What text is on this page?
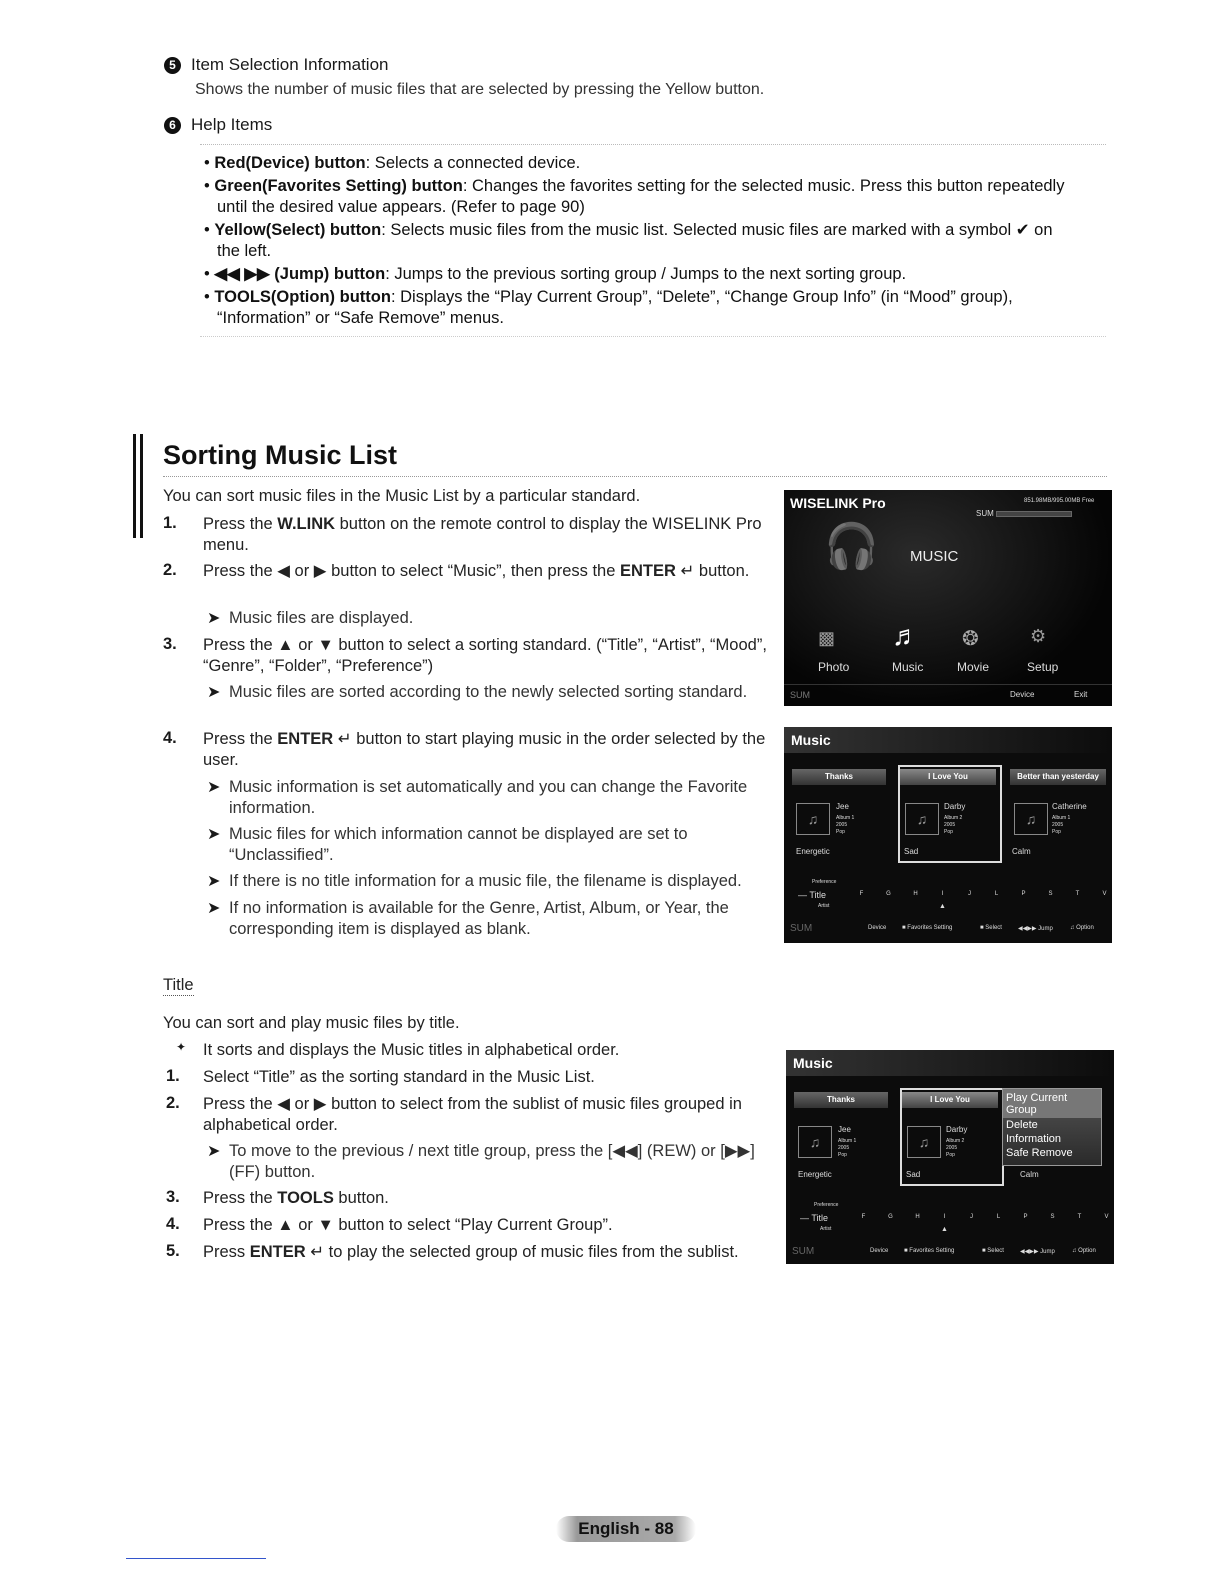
5 Item Selection Information
Shows the number of music files that are selected by pressing the Yellow button.
6 Help Items
• Red(Device) button: Selects a connected device.
• Green(Favorites Setting) button: Changes the favorites setting for the selected music. Press this button repeatedly until the desired value appears. (Refer to page 90)
• Yellow(Select) button: Selects music files from the music list. Selected music files are marked with a symbol ✔ on the left.
• ◀◀ ▶▶ (Jump) button: Jumps to the previous sorting group / Jumps to the next sorting group.
• TOOLS(Option) button: Displays the “Play Current Group”, “Delete”, “Change Group Info” (in “Mood” group), “Information” or “Safe Remove” menus.
Sorting Music List
You can sort music files in the Music List by a particular standard.
1. Press the W.LINK button on the remote control to display the WISELINK Pro menu.
2. Press the ◀ or ▶ button to select “Music”, then press the ENTER ↵ button.
➤ Music files are displayed.
3. Press the ▲ or ▼ button to select a sorting standard. (“Title”, “Artist”, “Mood”, “Genre”, “Folder”, “Preference”)
➤ Music files are sorted according to the newly selected sorting standard.
4. Press the ENTER ↵ button to start playing music in the order selected by the user.
➤ Music information is set automatically and you can change the Favorite information.
➤ Music files for which information cannot be displayed are set to “Unclassified”.
➤ If there is no title information for a music file, the filename is displayed.
➤ If no information is available for the Genre, Artist, Album, or Year, the corresponding item is displayed as blank.
Title
You can sort and play music files by title.
✦ It sorts and displays the Music titles in alphabetical order.
1. Select “Title” as the sorting standard in the Music List.
2. Press the ◀ or ▶ button to select from the sublist of music files grouped in alphabetical order.
➤ To move to the previous / next title group, press the [◀◀] (REW) or [▶▶] (FF) button.
3. Press the TOOLS button.
4. Press the ▲ or ▼ button to select “Play Current Group”.
5. Press ENTER ↵ to play the selected group of music files from the sublist.
WISELINK Pro	851.98MB/995.00MB Free
SUM
🎧 MUSIC
▩ ♬ ❂	⚙
Photo	Music	Movie	Setup
SUM	Device	Exit
Music
Thanks	I Love You	Better than yesterday
♫	♫	♫
Jee	Darby	Catherine
Album 1	Album 2	Album 1
2005	2005	2005
Pop	Pop	Pop
Energetic	Sad	Calm
Preference
— Title
Artist
F	G	H	I	J	L	P	S	T	V
▲
SUM	Device	■ Favorites Setting	■ Select	◀◀▶▶ Jump	♫ Option
Music
Thanks	I Love You
♫	♫
Jee	Darby
Album 1	Album 2
2005	2005
Pop	Pop
Energetic	Sad	Calm
Play Current Group
Delete
Information
Safe Remove
Preference
— Title
Artist
F	G	H	I	J	L	P	S	T	V
▲
SUM	Device	■ Favorites Setting	■ Select	◀◀▶▶ Jump	♫ Option
English - 88
